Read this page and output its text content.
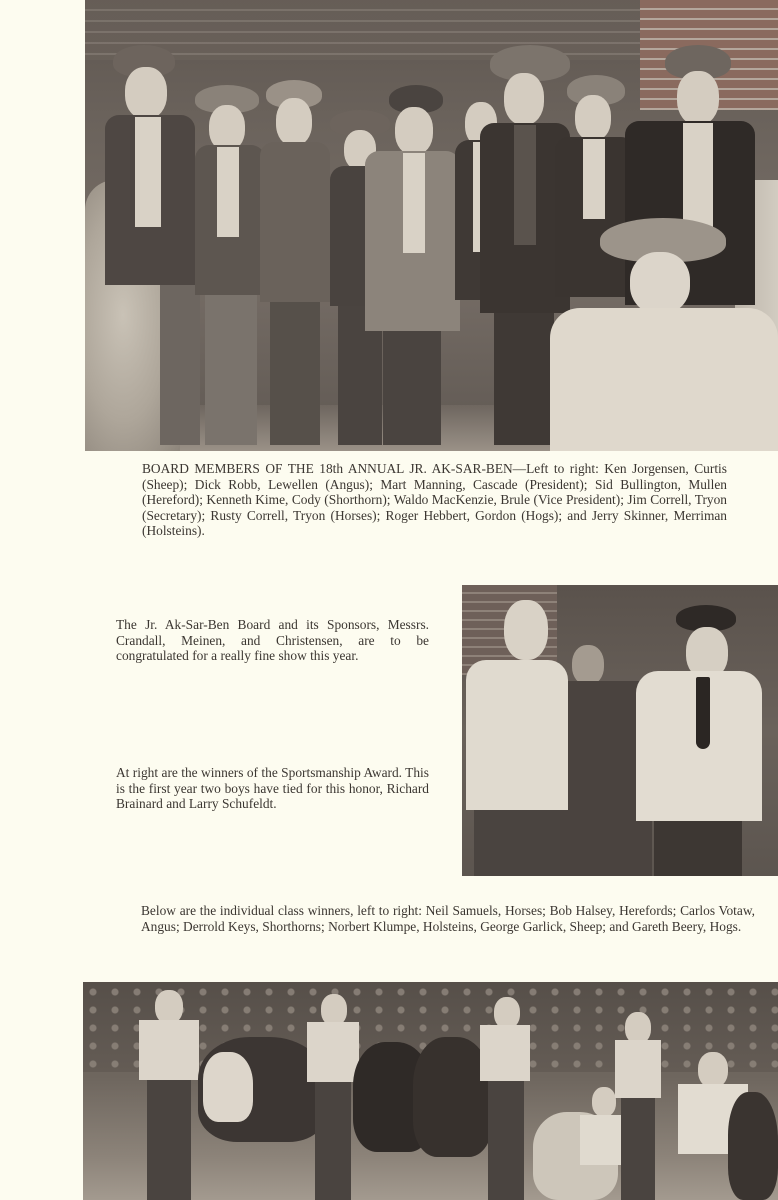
BOARD MEMBERS OF THE 18th ANNUAL JR. AK-SAR-BEN—Left to right: Ken Jorgensen, Curtis (Sheep); Dick Robb, Lewellen (Angus); Mart Manning, Cascade (President); Sid Bullington, Mullen (Hereford); Kenneth Kime, Cody (Shorthorn); Waldo MacKenzie, Brule (Vice President); Jim Correll, Tryon (Secretary); Rusty Correll, Tryon (Horses); Roger Hebbert, Gordon (Hogs); and Jerry Skinner, Merriman (Holsteins).

The Jr. Ak-Sar-Ben Board and its Sponsors, Messrs. Crandall, Meinen, and Christensen, are to be congratulated for a really fine show this year.

At right are the winners of the Sportsmanship Award. This is the first year two boys have tied for this honor, Richard Brainard and Larry Schufeldt.

Below are the individual class winners, left to right: Neil Samuels, Horses; Bob Halsey, Herefords; Carlos Votaw, Angus; Derrold Keys, Shorthorns; Norbert Klumpe, Holsteins, George Garlick, Sheep; and Gareth Beery, Hogs.
